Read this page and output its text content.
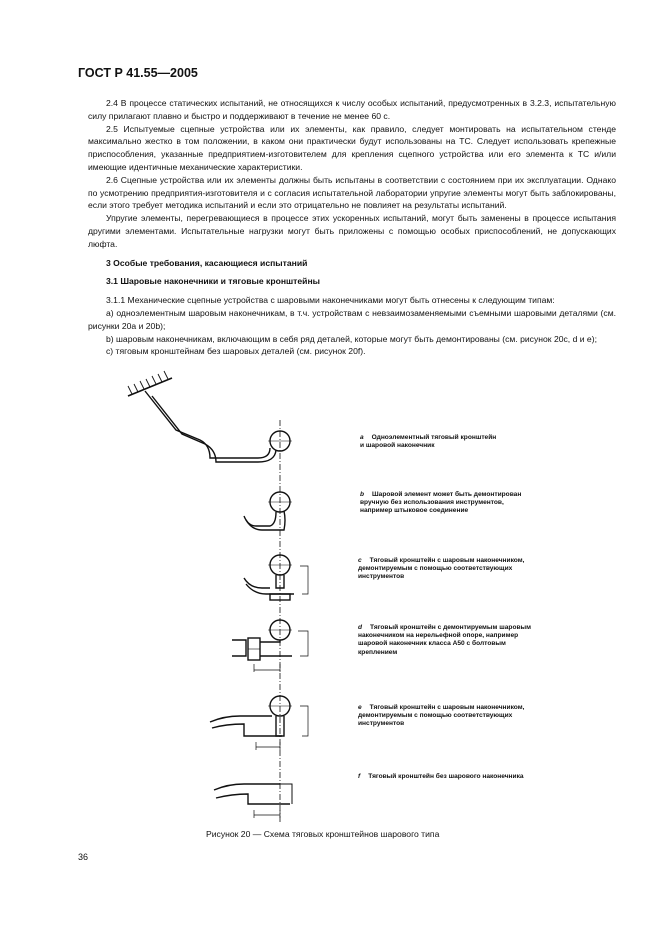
ГОСТ Р 41.55—2005

2.4 В процессе статических испытаний, не относящихся к числу особых испытаний, предусмотренных в 3.2.3, испытательную силу прилагают плавно и быстро и поддерживают в течение не менее 60 с.

2.5 Испытуемые сцепные устройства или их элементы, как правило, следует монтировать на испытательном стенде максимально жестко в том положении, в каком они практически будут использованы на ТС. Следует использовать крепежные приспособления, указанные предприятием-изготовителем для крепления сцепного устройства или его элемента к ТС и/или имеющие идентичные механические характеристики.

2.6 Сцепные устройства или их элементы должны быть испытаны в соответствии с состоянием при их эксплуатации. Однако по усмотрению предприятия-изготовителя и с согласия испытательной лаборатории упругие элементы могут быть заблокированы, если этого требует методика испытаний и если это отрицательно не повлияет на результаты испытаний.

Упругие элементы, перегревающиеся в процессе этих ускоренных испытаний, могут быть заменены в процессе испытания другими элементами. Испытательные нагрузки могут быть приложены с помощью особых приспособлений, не допускающих люфта.

3 Особые требования, касающиеся испытаний

3.1 Шаровые наконечники и тяговые кронштейны

3.1.1 Механические сцепные устройства с шаровыми наконечниками могут быть отнесены к следующим типам:

а) одноэлементным шаровым наконечникам, в т.ч. устройствам с невзаимозаменяемыми съемными шаровыми деталями (см. рисунки 20а и 20b);

b) шаровым наконечникам, включающим в себя ряд деталей, которые могут быть демонтированы (см. рисунок 20с, d и е);

с) тяговым кронштейнам без шаровых деталей (см. рисунок 20f).

a Одноэлементный тяговый кронштейн
и шаровой наконечник
b Шаровой элемент может быть демонтирован
вручную без использования инструментов,
например штыковое соединение
c Тяговый кронштейн с шаровым наконечником,
демонтируемым с помощью соответствующих
инструментов
d Тяговый кронштейн с демонтируемым шаровым
наконечником на нерельефной опоре, например
шаровой наконечник класса А50 с болтовым
креплением
e Тяговый кронштейн с шаровым наконечником,
демонтируемым с помощью соответствующих
инструментов
f Тяговый кронштейн без шарового наконечника
Рисунок 20 — Схема тяговых кронштейнов шарового типа
36
